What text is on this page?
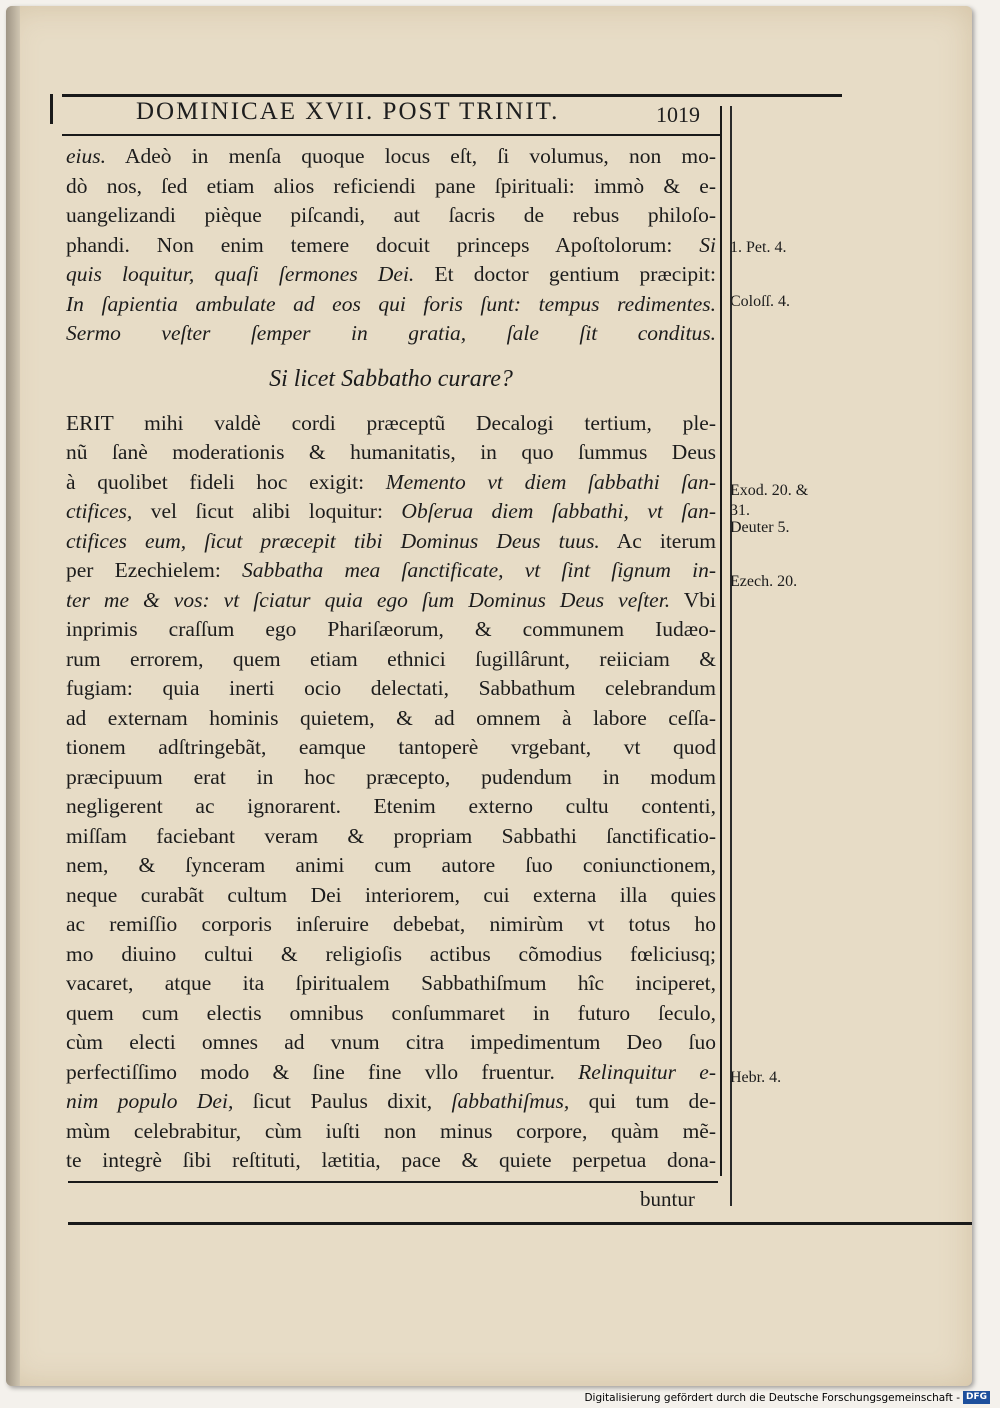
DOMINICAE XVII. POST TRINIT.	1019
eius. Adeò in menſa quoque locus eſt, ſi volumus, non mo-
dò nos, ſed etiam alios reficiendi pane ſpirituali: immò & e-
uangelizandi pièque piſcandi, aut ſacris de rebus philoſo-
phandi. Non enim temere docuit princeps Apoſtolorum: Si
quis loquitur, quaſi ſermones Dei. Et doctor gentium præcipit:
In ſapientia ambulate ad eos qui foris ſunt: tempus redimentes.
Sermo veſter ſemper in gratia, ſale ſit conditus.
Si licet Sabbatho curare?
ERIT mihi valdè cordi præceptũ Decalogi tertium, ple-
nũ ſanè moderationis & humanitatis, in quo ſummus Deus
à quolibet fideli hoc exigit: Memento vt diem ſabbathi ſan-
ctifices, vel ſicut alibi loquitur: Obſerua diem ſabbathi, vt ſan-
ctifices eum, ſicut præcepit tibi Dominus Deus tuus. Ac iterum
per Ezechielem: Sabbatha mea ſanctificate, vt ſint ſignum in-
ter me & vos: vt ſciatur quia ego ſum Dominus Deus veſter. Vbi
inprimis craſſum ego Phariſæorum, & communem Iudæo-
rum errorem, quem etiam ethnici ſugillârunt, reiiciam &
fugiam: quia inerti ocio delectati, Sabbathum celebrandum
ad externam hominis quietem, & ad omnem à labore ceſſa-
tionem adſtringebãt, eamque tantoperè vrgebant, vt quod
præcipuum erat in hoc præcepto, pudendum in modum
negligerent ac ignorarent. Etenim externo cultu contenti,
miſſam faciebant veram & propriam Sabbathi ſanctificatio-
nem, & ſynceram animi cum autore ſuo coniunctionem,
neque curabãt cultum Dei interiorem, cui externa illa quies
ac remiſſio corporis inſeruire debebat, nimirùm vt totus ho
mo diuino cultui & religioſis actibus cõmodius fœliciusq;
vacaret, atque ita ſpiritualem Sabbathiſmum hîc inciperet,
quem cum electis omnibus conſummaret in futuro ſeculo,
cùm electi omnes ad vnum citra impedimentum Deo ſuo
perfectiſſimo modo & ſine fine vllo fruentur. Relinquitur e-
nim populo Dei, ſicut Paulus dixit, ſabbathiſmus, qui tum de-
mùm celebrabitur, cùm iuſti non minus corpore, quàm mẽ-
te integrè ſibi reſtituti, lætitia, pace & quiete perpetua dona-
1. Pet. 4.
Coloſſ. 4.
Exod. 20. &
31.
Deuter 5.
Ezech. 20.
Hebr. 4.
buntur
Digitalisierung gefördert durch die Deutsche Forschungsgemeinschaft - DFG
